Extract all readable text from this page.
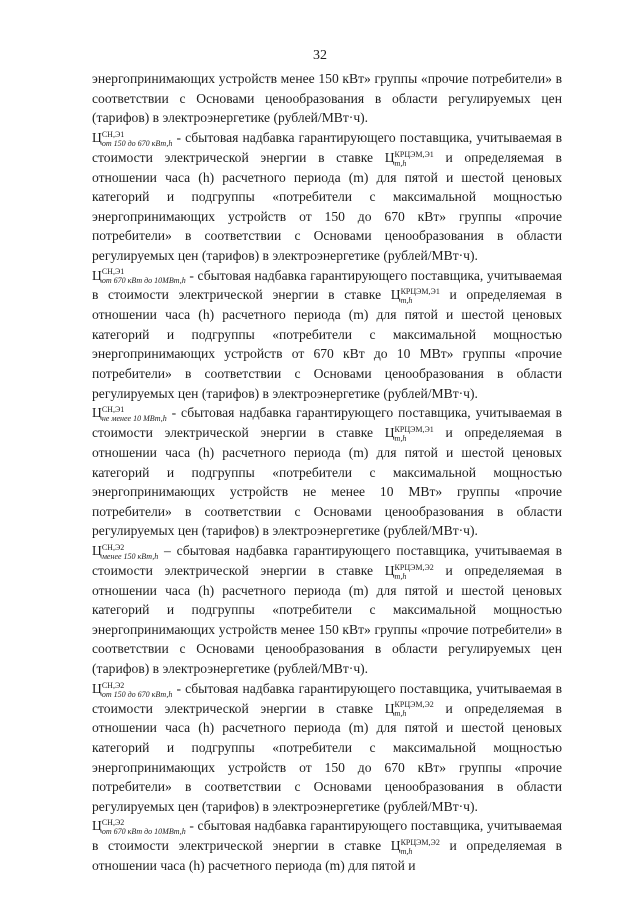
32

энергопринимающих устройств менее 150 кВт» группы «прочие потребители» в соответствии с Основами ценообразования в области регулируемых цен (тарифов) в электроэнергетике (рублей/МВт·ч).

Ц СН,Э1
от 150 до 670 кВт,h - сбытовая надбавка гарантирующего поставщика, учитываемая в стоимости электрической энергии в ставке Ц КРЦЭМ,Э1
m,h	и определяемая в отношении часа (h) расчетного периода (m) для пятой и шестой ценовых категорий и подгруппы «потребители с максимальной мощностью энергопринимающих устройств от 150 до 670 кВт» группы «прочие потребители» в соответствии с Основами ценообразования в области регулируемых цен (тарифов) в электроэнергетике (рублей/МВт·ч).

Ц СН,Э1
от 670 кВт до 10МВт,h - сбытовая надбавка гарантирующего поставщика, учитываемая в стоимости электрической энергии в ставке Ц КРЦЭМ,Э1
m,h	и определяемая в отношении часа (h) расчетного периода (m) для пятой и шестой ценовых категорий и подгруппы «потребители с максимальной мощностью энергопринимающих устройств от 670 кВт до 10 МВт» группы «прочие потребители» в соответствии с Основами ценообразования в области регулируемых цен (тарифов) в электроэнергетике (рублей/МВт·ч).

Ц СН,Э1
не менее 10 МВт,h - сбытовая надбавка гарантирующего поставщика, учитываемая в стоимости электрической энергии в ставке Ц КРЦЭМ,Э1
m,h	и определяемая в отношении часа (h) расчетного периода (m) для пятой и шестой ценовых категорий и подгруппы «потребители с максимальной мощностью энергопринимающих устройств не менее 10 МВт» группы «прочие потребители» в соответствии с Основами ценообразования в области регулируемых цен (тарифов) в электроэнергетике (рублей/МВт·ч).

Ц СН,Э2
менее 150 кВт,h – сбытовая надбавка гарантирующего поставщика, учитываемая в стоимости электрической энергии в ставке Ц КРЦЭМ,Э2
m,h	и определяемая в отношении часа (h) расчетного периода (m) для пятой и шестой ценовых категорий и подгруппы «потребители с максимальной мощностью энергопринимающих устройств менее 150 кВт» группы «прочие потребители» в соответствии с Основами ценообразования в области регулируемых цен (тарифов) в электроэнергетике (рублей/МВт·ч).

Ц СН,Э2
от 150 до 670 кВт,h - сбытовая надбавка гарантирующего поставщика, учитываемая в стоимости электрической энергии в ставке Ц КРЦЭМ,Э2
m,h	и определяемая в отношении часа (h) расчетного периода (m) для пятой и шестой ценовых категорий и подгруппы «потребители с максимальной мощностью энергопринимающих устройств от 150 до 670 кВт» группы «прочие потребители» в соответствии с Основами ценообразования в области регулируемых цен (тарифов) в электроэнергетике (рублей/МВт·ч).

Ц СН,Э2
от 670 кВт до 10МВт,h - сбытовая надбавка гарантирующего поставщика, учитываемая в стоимости электрической энергии в ставке Ц КРЦЭМ,Э2
m,h	и определяемая в отношении часа (h) расчетного периода (m) для пятой и
